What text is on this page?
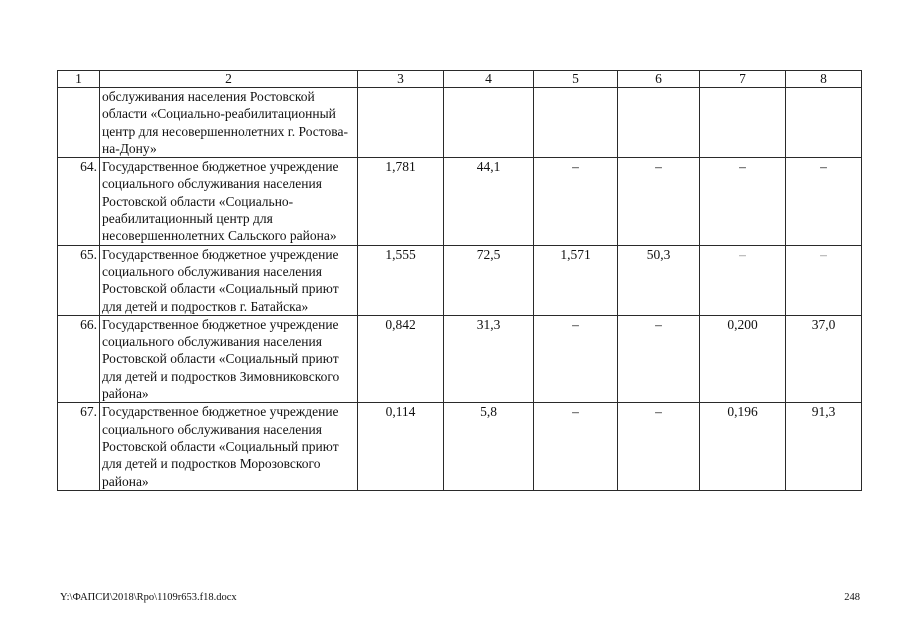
1	2	3	4	5	6	7	8
	обслуживания населения Ростовской области «Социально-реабилитационный центр для несовершеннолетних г. Ростова-на-Дону»						
64.	Государственное бюджетное учреждение социального обслуживания населения Ростовской области «Социально-реабилитационный центр для несовершеннолетних Сальского района»	1,781	44,1	–	–	–	–
65.	Государственное бюджетное учреждение социального обслуживания населения Ростовской области «Социальный приют для детей и подростков г. Батайска»	1,555	72,5	1,571	50,3	–	–
66.	Государственное бюджетное учреждение социального обслуживания населения Ростовской области «Социальный приют для детей и подростков Зимовниковского района»	0,842	31,3	–	–	0,200	37,0
67.	Государственное бюджетное учреждение социального обслуживания населения Ростовской области «Социальный приют для детей и подростков Морозовского района»	0,114	5,8	–	–	0,196	91,3
Y:\ФАПСИ\2018\Rpo\1109r653.f18.docx	248
